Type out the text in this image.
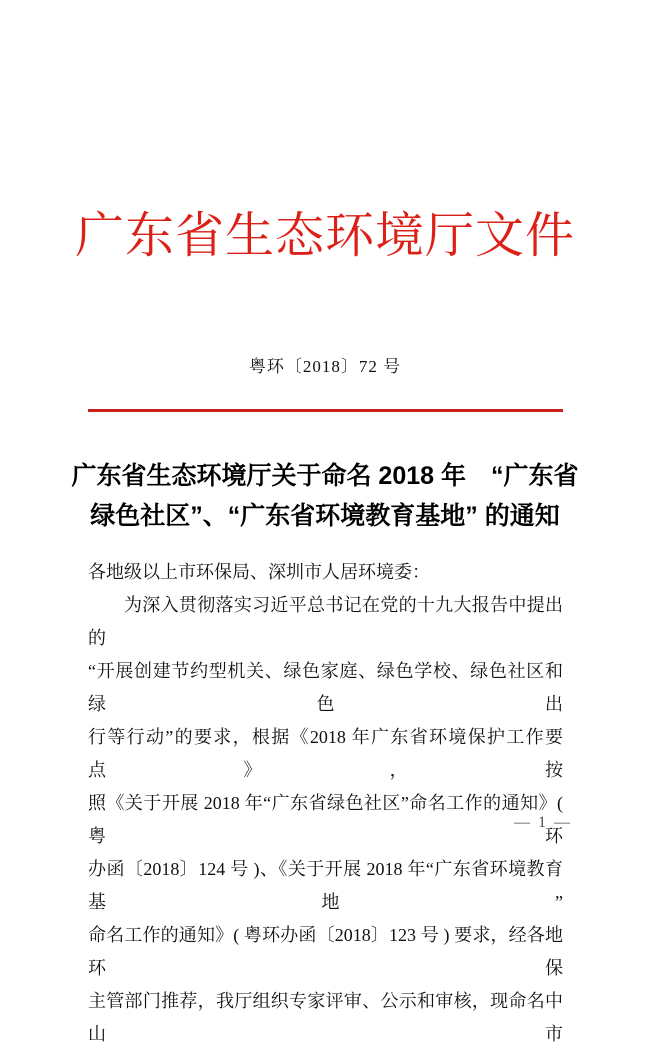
广东省生态环境厅文件
粤环〔2018〕72 号
广东省生态环境厅关于命名 2018 年　“广东省
绿色社区”、“广东省环境教育基地” 的通知
各地级以上市环保局、深圳市人居环境委：
为深入贯彻落实习近平总书记在党的十九大报告中提出的
“开展创建节约型机关、绿色家庭、绿色学校、绿色社区和绿色出
行等行动”的要求，根据《2018 年广东省环境保护工作要点》，按
照《关于开展 2018 年“广东省绿色社区”命名工作的通知》( 粤环
办函〔2018〕124 号 )、《关于开展 2018 年“广东省环境教育基地”
命名工作的通知》( 粤环办函〔2018〕123 号 ) 要求，经各地环保
主管部门推荐，我厅组织专家评审、公示和审核，现命名中山市
— 1 —
